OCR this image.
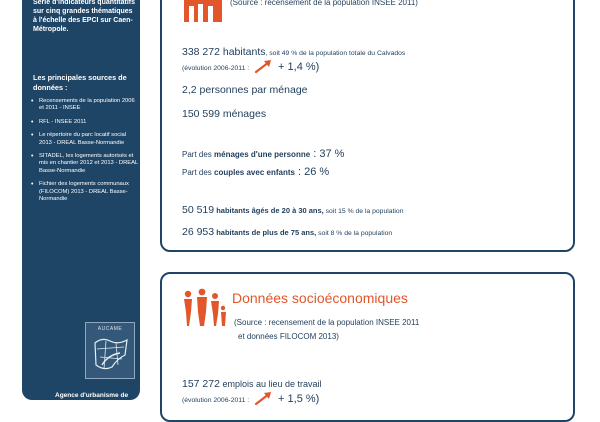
Série d'indicateurs quantitatifs sur cinq grandes thématiques à l'échelle des EPCI sur Caen-Métropole.
Les principales sources de données :
• Recensements de la population 2006 et 2011 - INSEE
• RFL - INSEE 2011
• Le répertoire du parc locatif social 2013 - DREAL Basse-Normandie
• SITADEL, les logements autorisés et mis en chantier 2012 et 2013 - DREAL Basse-Normandie
• Fichier des logements communaux (FILOCOM) 2013 - DREAL Basse-Normandie
AUCAME
Agence d'urbanisme de
(Source : recensement de la population INSEE 2011)
338 272 habitants, soit 49 % de la population totale du Calvados
(évolution 2006-2011 :	+ 1,4 %)
2,2 personnes par ménage
150 599 ménages
Part des ménages d'une personne : 37 %
Part des couples avec enfants : 26 %
50 519 habitants âgés de 20 à 30 ans, soit 15 % de la population
26 953 habitants de plus de 75 ans, soit 8 % de la population
Données socioéconomiques
(Source : recensement de la population INSEE 2011
et données FILOCOM 2013)
157 272 emplois au lieu de travail
(évolution 2006-2011 :	+ 1,5 %)
